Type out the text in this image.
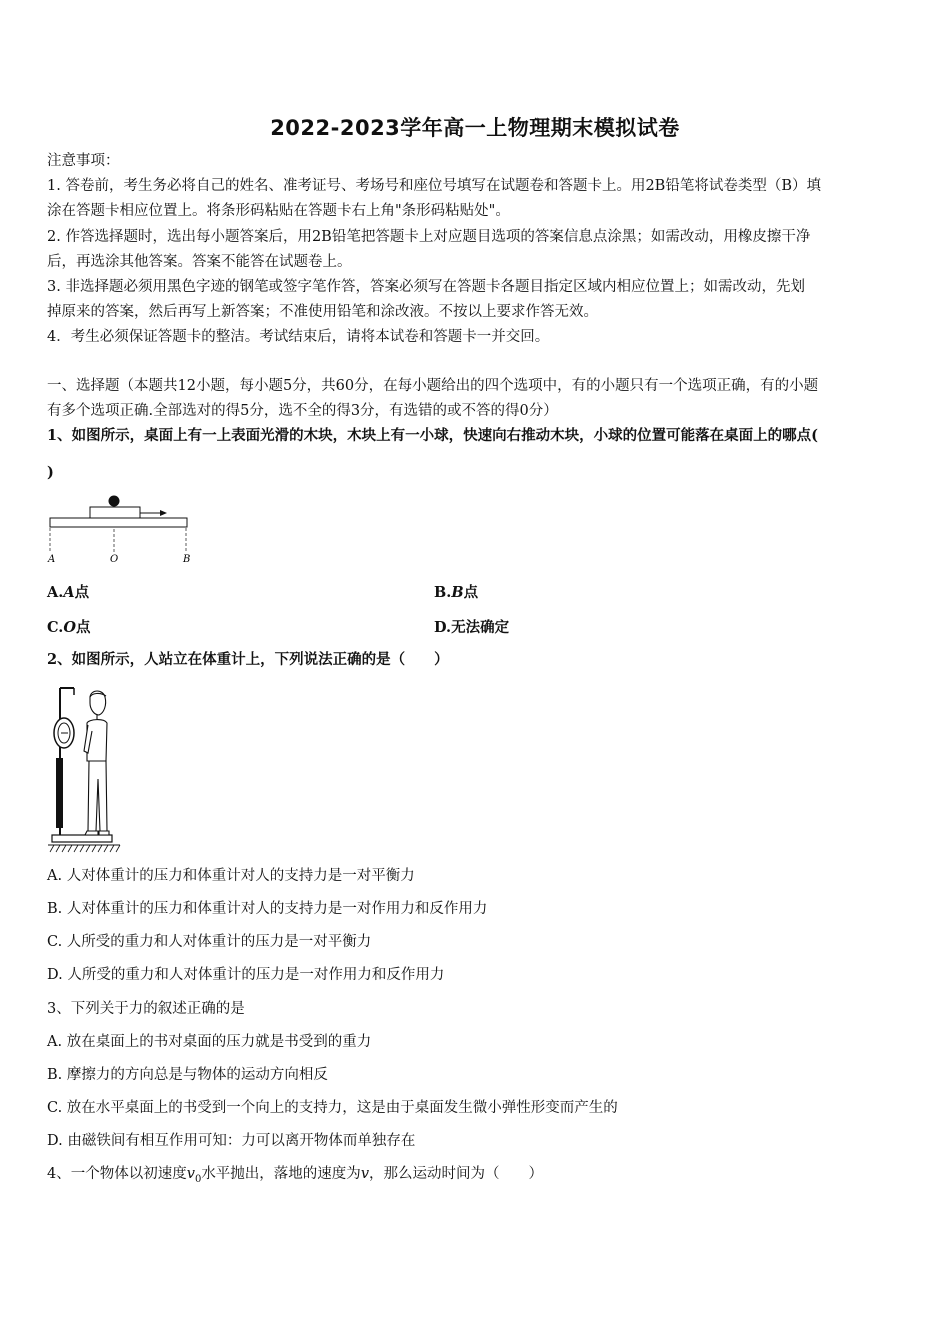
2022-2023学年高一上物理期末模拟试卷
注意事项：
1. 答卷前，考生务必将自己的姓名、准考证号、考场号和座位号填写在试题卷和答题卡上。用2B铅笔将试卷类型（B）填
涂在答题卡相应位置上。将条形码粘贴在答题卡右上角"条形码粘贴处"。
2. 作答选择题时，选出每小题答案后，用2B铅笔把答题卡上对应题目选项的答案信息点涂黑；如需改动，用橡皮擦干净
后，再选涂其他答案。答案不能答在试题卷上。
3. 非选择题必须用黑色字迹的钢笔或签字笔作答，答案必须写在答题卡各题目指定区域内相应位置上；如需改动，先划
掉原来的答案，然后再写上新答案；不准使用铅笔和涂改液。不按以上要求作答无效。
4．考生必须保证答题卡的整洁。考试结束后，请将本试卷和答题卡一并交回。
一、选择题（本题共12小题，每小题5分，共60分，在每小题给出的四个选项中，有的小题只有一个选项正确，有的小题
有多个选项正确.全部选对的得5分，选不全的得3分，有选错的或不答的得0分）
1、如图所示，桌面上有一上表面光滑的木块，木块上有一小球，快速向右推动木块，小球的位置可能落在桌面上的哪点(
)
A	O	B
A.A点	B.B点
C.O点	D.无法确定
2、如图所示，人站立在体重计上，下列说法正确的是（　　）
A. 人对体重计的压力和体重计对人的支持力是一对平衡力
B. 人对体重计的压力和体重计对人的支持力是一对作用力和反作用力
C. 人所受的重力和人对体重计的压力是一对平衡力
D. 人所受的重力和人对体重计的压力是一对作用力和反作用力
3、下列关于力的叙述正确的是
A. 放在桌面上的书对桌面的压力就是书受到的重力
B. 摩擦力的方向总是与物体的运动方向相反
C. 放在水平桌面上的书受到一个向上的支持力，这是由于桌面发生微小弹性形变而产生的
D. 由磁铁间有相互作用可知：力可以离开物体而单独存在
4、一个物体以初速度$v_0$水平抛出，落地的速度为v，那么运动时间为（　　）
